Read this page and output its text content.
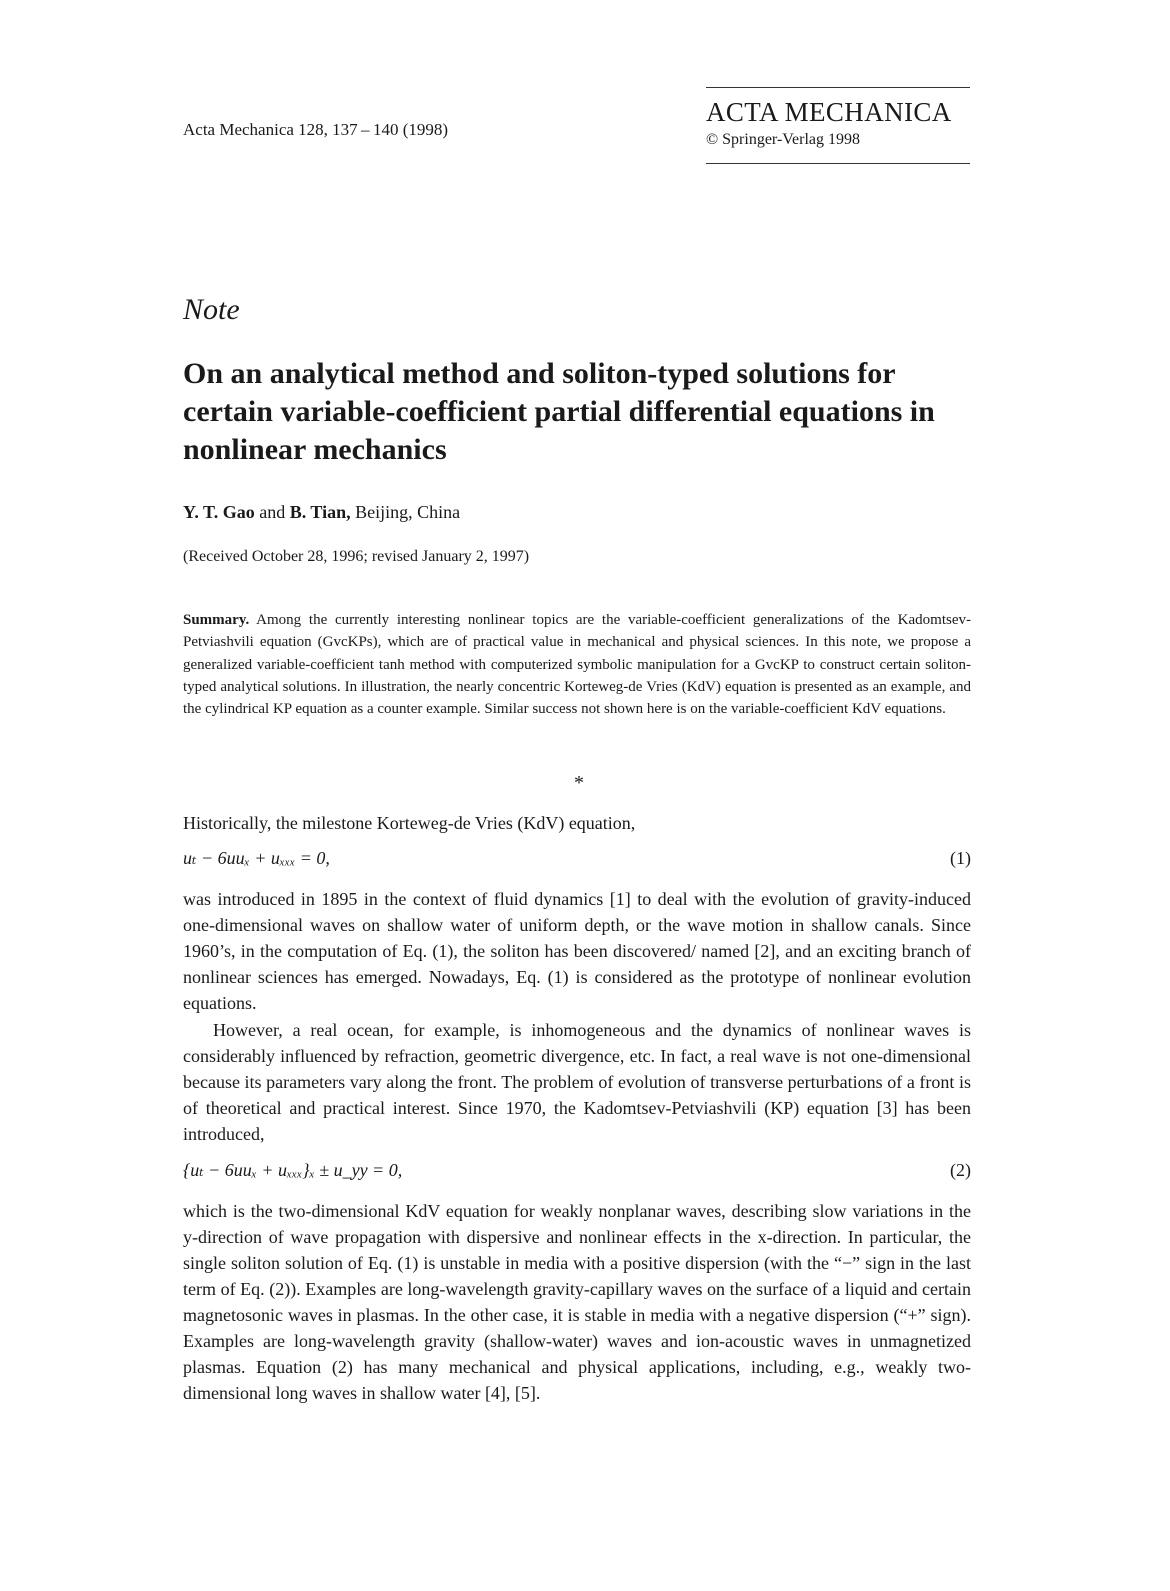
Acta Mechanica 128, 137 – 140 (1998)
ACTA MECHANICA
© Springer-Verlag 1998
Note
On an analytical method and soliton-typed solutions for certain variable-coefficient partial differential equations in nonlinear mechanics
Y. T. Gao and B. Tian, Beijing, China
(Received October 28, 1996; revised January 2, 1997)

Summary. Among the currently interesting nonlinear topics are the variable-coefficient generalizations of the Kadomtsev-Petviashvili equation (GvcKPs), which are of practical value in mechanical and physical sciences. In this note, we propose a generalized variable-coefficient tanh method with computerized symbolic manipulation for a GvcKP to construct certain soliton-typed analytical solutions. In illustration, the nearly concentric Korteweg-de Vries (KdV) equation is presented as an example, and the cylindrical KP equation as a counter example. Similar success not shown here is on the variable-coefficient KdV equations.

*

Historically, the milestone Korteweg-de Vries (KdV) equation,

uₜ − 6uuₓ + uₓₓₓ = 0,	(1)

was introduced in 1895 in the context of fluid dynamics [1] to deal with the evolution of gravity-induced one-dimensional waves on shallow water of uniform depth, or the wave motion in shallow canals. Since 1960’s, in the computation of Eq. (1), the soliton has been discovered/ named [2], and an exciting branch of nonlinear sciences has emerged. Nowadays, Eq. (1) is considered as the prototype of nonlinear evolution equations.

However, a real ocean, for example, is inhomogeneous and the dynamics of nonlinear waves is considerably influenced by refraction, geometric divergence, etc. In fact, a real wave is not one-dimensional because its parameters vary along the front. The problem of evolution of transverse perturbations of a front is of theoretical and practical interest. Since 1970, the Kadomtsev-Petviashvili (KP) equation [3] has been introduced,

{uₜ − 6uuₓ + uₓₓₓ}ₓ ± u_yy = 0,	(2)

which is the two-dimensional KdV equation for weakly nonplanar waves, describing slow variations in the y-direction of wave propagation with dispersive and nonlinear effects in the x-direction. In particular, the single soliton solution of Eq. (1) is unstable in media with a positive dispersion (with the “−” sign in the last term of Eq. (2)). Examples are long-wavelength gravity-capillary waves on the surface of a liquid and certain magnetosonic waves in plasmas. In the other case, it is stable in media with a negative dispersion (“+” sign). Examples are long-wavelength gravity (shallow-water) waves and ion-acoustic waves in unmagnetized plasmas. Equation (2) has many mechanical and physical applications, including, e.g., weakly two-dimensional long waves in shallow water [4], [5].
